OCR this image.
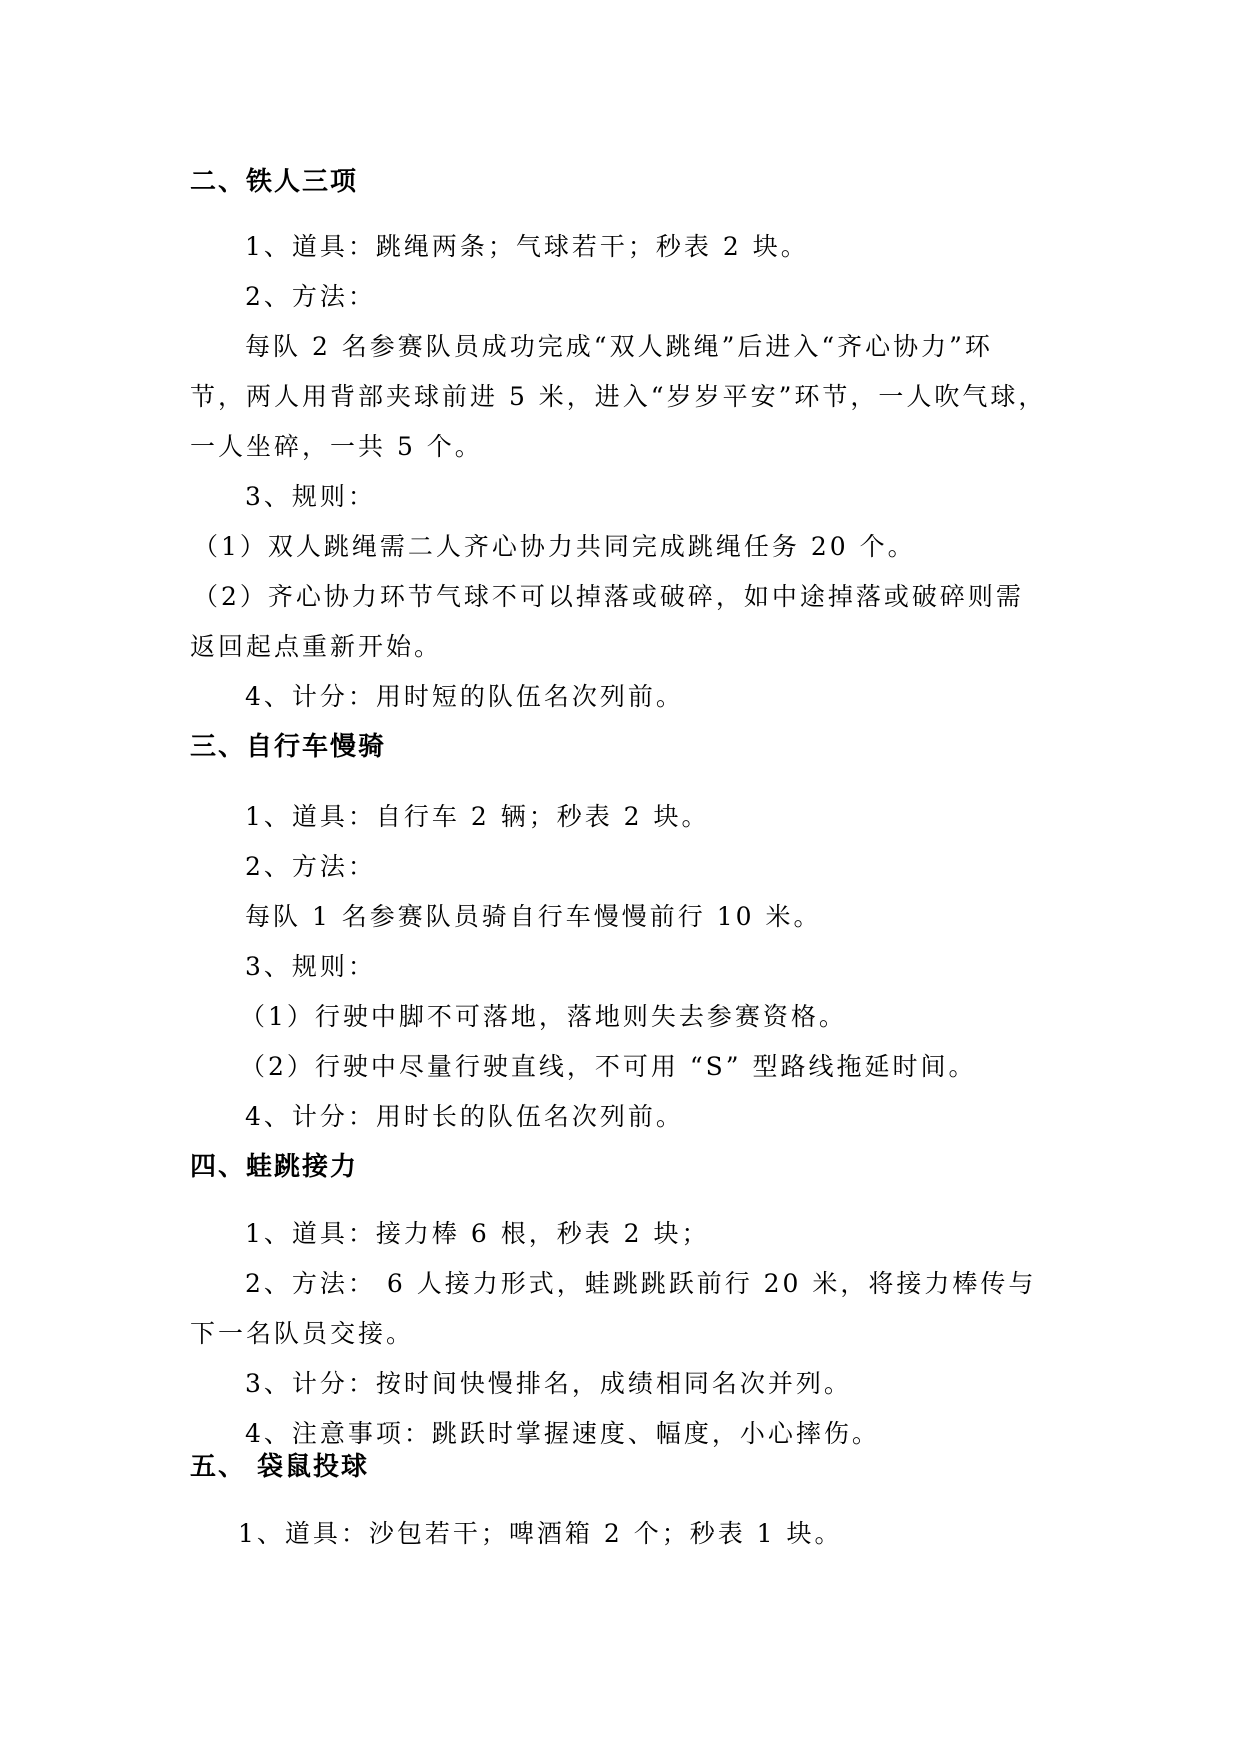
二、铁人三项
1、道具：跳绳两条；气球若干；秒表 2 块。
2、方法：
每队 2 名参赛队员成功完成“双人跳绳”后进入“齐心协力”环
节，两人用背部夹球前进 5 米，进入“岁岁平安”环节，一人吹气球，
一人坐碎，一共 5 个。
3、规则：
（1）双人跳绳需二人齐心协力共同完成跳绳任务 20 个。
（2）齐心协力环节气球不可以掉落或破碎，如中途掉落或破碎则需
返回起点重新开始。
4、计分：用时短的队伍名次列前。
三、自行车慢骑
1、道具：自行车 2 辆；秒表 2 块。
2、方法：
每队 1 名参赛队员骑自行车慢慢前行 10 米。
3、规则：
（1）行驶中脚不可落地，落地则失去参赛资格。
（2）行驶中尽量行驶直线，不可用 “S” 型路线拖延时间。
4、计分：用时长的队伍名次列前。
四、蛙跳接力
1、道具：接力棒 6 根，秒表 2 块；
2、方法： 6 人接力形式，蛙跳跳跃前行 20 米，将接力棒传与
下一名队员交接。
3、计分：按时间快慢排名，成绩相同名次并列。
4、注意事项：跳跃时掌握速度、幅度，小心摔伤。
五、 袋鼠投球
1、道具：沙包若干；啤酒箱 2 个；秒表 1 块。
